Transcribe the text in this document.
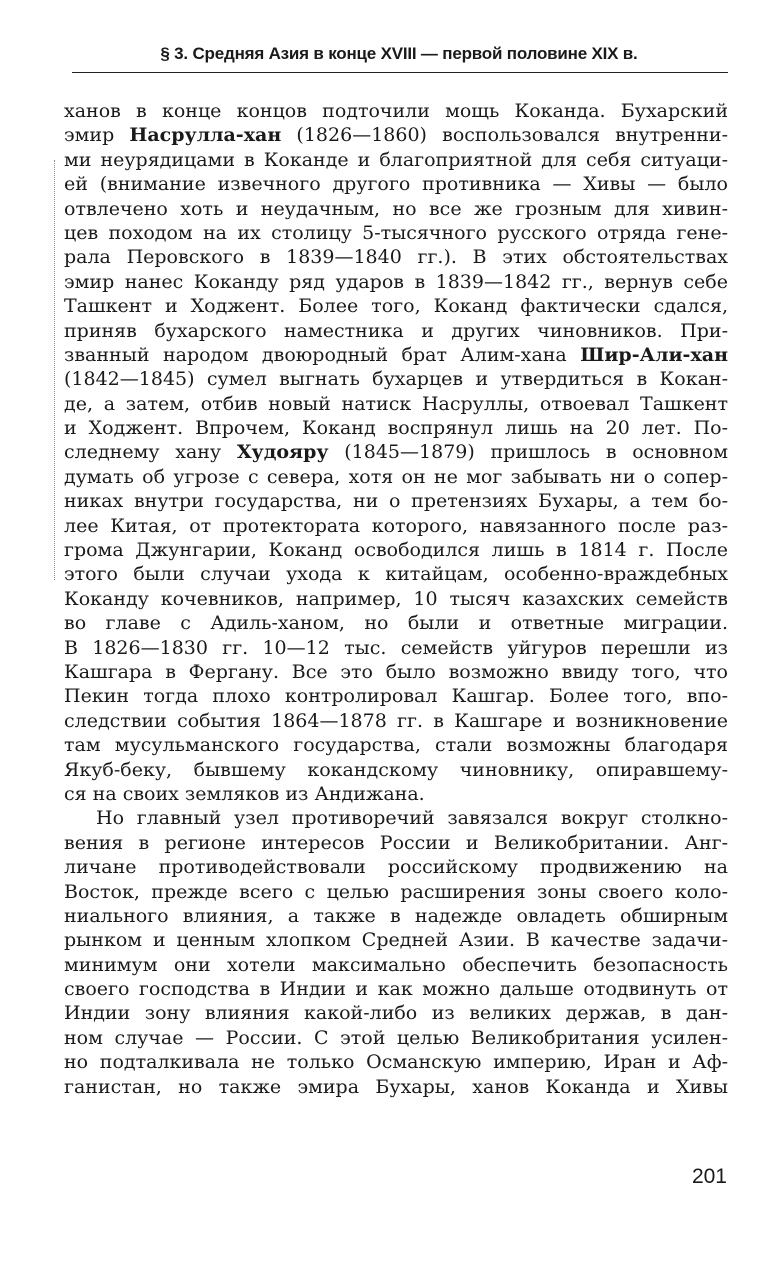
§ 3. Средняя Азия в конце XVIII — первой половине XIX в.
ханов в конце концов подточили мощь Коканда. Бухарский
эмир Насрулла-хан (1826—1860) воспользовался внутренни-
ми неурядицами в Коканде и благоприятной для себя ситуаци-
ей (внимание извечного другого противника — Хивы — было
отвлечено хоть и неудачным, но все же грозным для хивин-
цев походом на их столицу 5-тысячного русского отряда гене-
рала Перовского в 1839—1840 гг.). В этих обстоятельствах
эмир нанес Коканду ряд ударов в 1839—1842 гг., вернув себе
Ташкент и Ходжент. Более того, Коканд фактически сдался,
приняв бухарского наместника и других чиновников. При-
званный народом двоюродный брат Алим-хана Шир-Али-хан
(1842—1845) сумел выгнать бухарцев и утвердиться в Кокан-
де, а затем, отбив новый натиск Насруллы, отвоевал Ташкент
и Ходжент. Впрочем, Коканд воспрянул лишь на 20 лет. По-
следнему хану Худояру (1845—1879) пришлось в основном
думать об угрозе с севера, хотя он не мог забывать ни о сопер-
никах внутри государства, ни о претензиях Бухары, а тем бо-
лее Китая, от протектората которого, навязанного после раз-
грома Джунгарии, Коканд освободился лишь в 1814 г. После
этого были случаи ухода к китайцам, особенно-враждебных
Коканду кочевников, например, 10 тысяч казахских семейств
во главе с Адиль-ханом, но были и ответные миграции.
В 1826—1830 гг. 10—12 тыс. семейств уйгуров перешли из
Кашгара в Фергану. Все это было возможно ввиду того, что
Пекин тогда плохо контролировал Кашгар. Более того, впо-
следствии события 1864—1878 гг. в Кашгаре и возникновение
там мусульманского государства, стали возможны благодаря
Якуб-беку, бывшему кокандскому чиновнику, опиравшему-
ся на своих земляков из Андижана.
Но главный узел противоречий завязался вокруг столкно-
вения в регионе интересов России и Великобритании. Анг-
личане противодействовали российскому продвижению на
Восток, прежде всего с целью расширения зоны своего коло-
ниального влияния, а также в надежде овладеть обширным
рынком и ценным хлопком Средней Азии. В качестве задачи-
минимум они хотели максимально обеспечить безопасность
своего господства в Индии и как можно дальше отодвинуть от
Индии зону влияния какой-либо из великих держав, в дан-
ном случае — России. С этой целью Великобритания усилен-
но подталкивала не только Османскую империю, Иран и Аф-
ганистан, но также эмира Бухары, ханов Коканда и Хивы
201
